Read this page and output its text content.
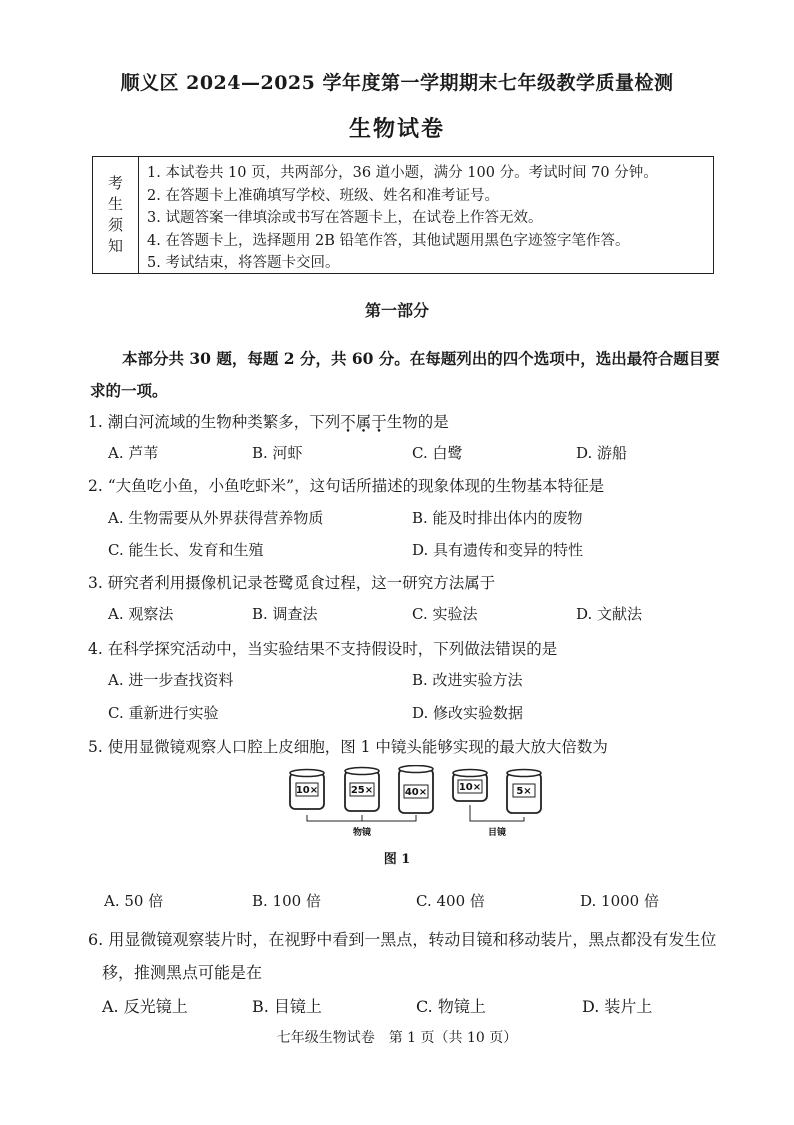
顺义区 2024—2025 学年度第一学期期末七年级教学质量检测
生物试卷
考
生
须
知
1. 本试卷共 10 页，共两部分，36 道小题，满分 100 分。考试时间 70 分钟。
2. 在答题卡上准确填写学校、班级、姓名和准考证号。
3. 试题答案一律填涂或书写在答题卡上，在试卷上作答无效。
4. 在答题卡上，选择题用 2B 铅笔作答，其他试题用黑色字迹签字笔作答。
5. 考试结束，将答题卡交回。
第一部分
本部分共 30 题，每题 2 分，共 60 分。在每题列出的四个选项中，选出最符合题目要求的一项。
1. 潮白河流域的生物种类繁多，下列不属于生物的是
A. 芦苇	B. 河虾	C. 白鹭	D. 游船
2. “大鱼吃小鱼，小鱼吃虾米”，这句话所描述的现象体现的生物基本特征是
A. 生物需要从外界获得营养物质	B. 能及时排出体内的废物
C. 能生长、发育和生殖	D. 具有遗传和变异的特性
3. 研究者利用摄像机记录苍鹭觅食过程，这一研究方法属于
A. 观察法	B. 调查法	C. 实验法	D. 文献法
4. 在科学探究活动中，当实验结果不支持假设时，下列做法错误的是
A. 进一步查找资料	B. 改进实验方法
C. 重新进行实验	D. 修改实验数据
5. 使用显微镜观察人口腔上皮细胞，图 1 中镜头能够实现的最大放大倍数为
10×	25×	40×	10×	5×
物镜	目镜
图 1
A. 50 倍	B. 100 倍	C. 400 倍	D. 1000 倍
6. 用显微镜观察装片时，在视野中看到一黑点，转动目镜和移动装片，黑点都没有发生位
移，推测黑点可能是在
A. 反光镜上	B. 目镜上	C. 物镜上	D. 装片上
七年级生物试卷　第 1 页（共 10 页）
